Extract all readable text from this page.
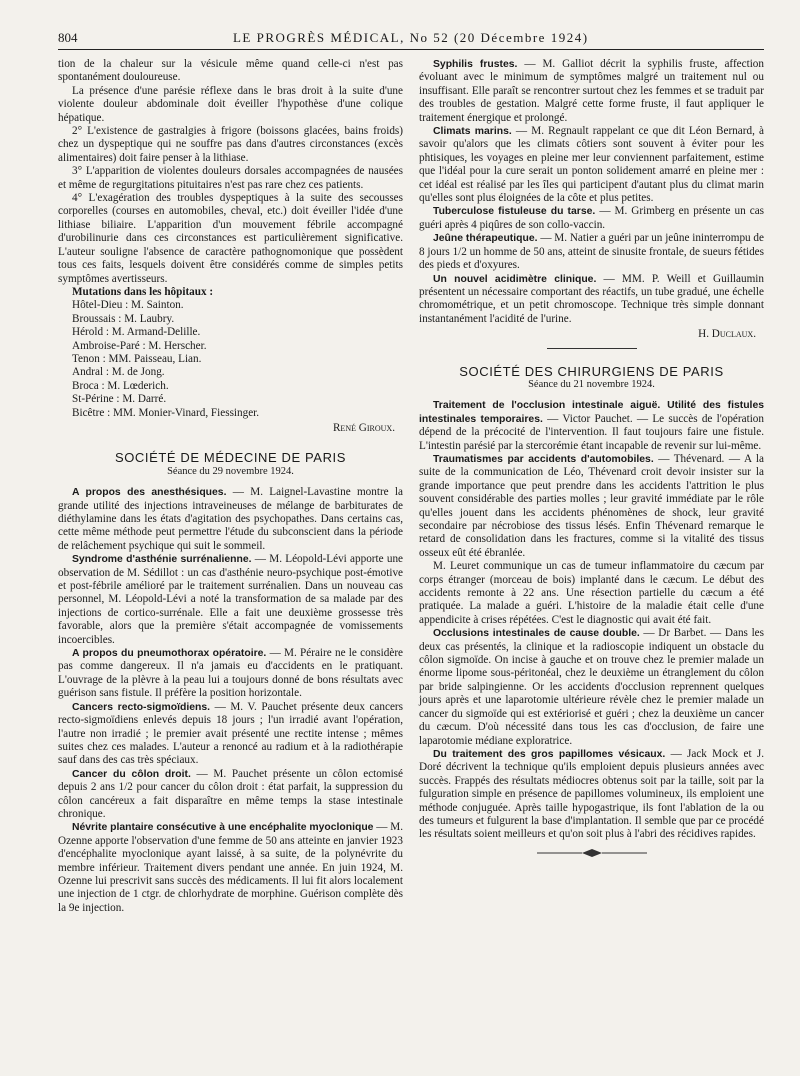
804	LE PROGRÈS MÉDICAL, No 52 (20 Décembre 1924)

tion de la chaleur sur la vésicule même quand celle-ci n'est pas spontanément douloureuse.

La présence d'une parésie réflexe dans le bras droit à la suite d'une violente douleur abdominale doit éveiller l'hypothèse d'une colique hépatique.

2° L'existence de gastralgies à frigore (boissons glacées, bains froids) chez un dyspeptique qui ne souffre pas dans d'autres circonstances (excès alimentaires) doit faire penser à la lithiase.

3° L'apparition de violentes douleurs dorsales accompagnées de nausées et même de regurgitations pituitaires n'est pas rare chez ces patients.

4° L'exagération des troubles dyspeptiques à la suite des secousses corporelles (courses en automobiles, cheval, etc.) doit éveiller l'idée d'une lithiase biliaire. L'apparition d'un mouvement fébrile accompagné d'urobilinurie dans ces circonstances est particulièrement significative. L'auteur souligne l'absence de caractère pathognomonique que possèdent tous ces faits, lesquels doivent être considérés comme de simples petits symptômes avertisseurs.

Mutations dans les hôpitaux :

Hôtel-Dieu : M. Sainton.
Broussais : M. Laubry.
Hérold : M. Armand-Delille.
Ambroise-Paré : M. Herscher.
Tenon : MM. Paisseau, Lian.
Andral : M. de Jong.
Broca : M. Lœderich.
St-Périne : M. Darré.
Bicêtre : MM. Monier-Vinard, Fiessinger.
René Giroux.
SOCIÉTÉ DE MÉDECINE DE PARIS
Séance du 29 novembre 1924.

A propos des anesthésiques. — M. Laignel-Lavastine montre la grande utilité des injections intraveineuses de mélange de barbiturates de diéthylamine dans les états d'agitation des psychopathes. Dans certains cas, cette même méthode peut permettre l'étude du subconscient dans la période de relâchement psychique qui suit le sommeil.

Syndrome d'asthénie surrénalienne. — M. Léopold-Lévi apporte une observation de M. Sédillot : un cas d'asthénie neuro-psychique post-émotive et post-fébrile amélioré par le traitement surrénalien. Dans un nouveau cas personnel, M. Léopold-Lévi a noté la transformation de sa malade par des injections de cortico-surrénale. Elle a fait une deuxième grossesse très favorable, alors que la première s'était accompagnée de vomissements incoercibles.

A propos du pneumothorax opératoire. — M. Péraire ne le considère pas comme dangereux. Il n'a jamais eu d'accidents en le pratiquant. L'ouvrage de la plèvre à la peau lui a toujours donné de bons résultats avec guérison sans fistule. Il préfère la position horizontale.

Cancers recto-sigmoïdiens. — M. V. Pauchet présente deux cancers recto-sigmoïdiens enlevés depuis 18 jours ; l'un irradié avant l'opération, l'autre non irradié ; le premier avait présenté une rectite intense ; mêmes suites chez ces malades. L'auteur a renoncé au radium et à la radiothérapie sauf dans des cas très spéciaux.

Cancer du côlon droit. — M. Pauchet présente un côlon ectomisé depuis 2 ans 1/2 pour cancer du côlon droit : état parfait, la suppression du côlon cancéreux a fait disparaître en même temps la stase intestinale chronique.

Névrite plantaire consécutive à une encéphalite myoclonique — M. Ozenne apporte l'observation d'une femme de 50 ans atteinte en janvier 1923 d'encéphalite myoclonique ayant laissé, à sa suite, de la polynévrite du membre inférieur. Traitement divers pendant une année. En juin 1924, M. Ozenne lui prescrivit sans succès des médicaments. Il lui fit alors localement une injection de 1 ctgr. de chlorhydrate de morphine. Guérison complète dès la 9e injection.

Syphilis frustes. — M. Galliot décrit la syphilis fruste, affection évoluant avec le minimum de symptômes malgré un traitement nul ou insuffisant. Elle paraît se rencontrer surtout chez les femmes et se traduit par des troubles de gestation. Malgré cette forme fruste, il faut appliquer le traitement énergique et prolongé.

Climats marins. — M. Regnault rappelant ce que dit Léon Bernard, à savoir qu'alors que les climats côtiers sont souvent à éviter pour les phtisiques, les voyages en pleine mer leur conviennent parfaitement, estime que l'idéal pour la cure serait un ponton solidement amarré en pleine mer : cet idéal est réalisé par les îles qui participent d'autant plus du climat marin qu'elles sont plus éloignées de la côte et plus petites.

Tuberculose fistuleuse du tarse. — M. Grimberg en présente un cas guéri après 4 piqûres de son collo-vaccin.

Jeûne thérapeutique. — M. Natier a guéri par un jeûne ininterrompu de 8 jours 1/2 un homme de 50 ans, atteint de sinusite frontale, de sueurs fétides des pieds et d'oxyures.

Un nouvel acidimètre clinique. — MM. P. Weill et Guillaumin présentent un nécessaire comportant des réactifs, un tube gradué, une échelle chromométrique, et un petit chromoscope. Technique très simple donnant instantanément l'acidité de l'urine.

H. Duclaux.
SOCIÉTÉ DES CHIRURGIENS DE PARIS
Séance du 21 novembre 1924.

Traitement de l'occlusion intestinale aiguë. Utilité des fistules intestinales temporaires. — Victor Pauchet. — Le succès de l'opération dépend de la précocité de l'intervention. Il faut toujours faire une fistule. L'intestin parésié par la stercorémie étant incapable de revenir sur lui-même.

Traumatismes par accidents d'automobiles. — Thévenard. — A la suite de la communication de Léo, Thévenard croit devoir insister sur la grande importance que peut prendre dans les accidents l'attrition le plus souvent considérable des parties molles ; leur gravité immédiate par le rôle qu'elles jouent dans les accidents phénomènes de shock, leur gravité secondaire par nécrobiose des tissus lésés. Enfin Thévenard remarque le retard de consolidation dans les fractures, comme si la vitalité des tissus osseux eût été ébranlée.

M. Leuret communique un cas de tumeur inflammatoire du cæcum par corps étranger (morceau de bois) implanté dans le cæcum. Le début des accidents remonte à 22 ans. Une résection partielle du cæcum a été pratiquée. La malade a guéri. L'histoire de la maladie était celle d'une appendicite à crises répétées. C'est le diagnostic qui avait été fait.

Occlusions intestinales de cause double. — Dr Barbet. — Dans les deux cas présentés, la clinique et la radioscopie indiquent un obstacle du côlon sigmoïde. On incise à gauche et on trouve chez le premier malade un énorme lipome sous-péritonéal, chez le deuxième un étranglement du côlon par bride salpingienne. Or les accidents d'occlusion reprennent quelques jours après et une laparotomie ultérieure révèle chez le premier malade un cancer du sigmoïde qui est extériorisé et guéri ; chez la deuxième un cancer du cæcum. D'où nécessité dans tous les cas d'occlusion, de faire une laparotomie médiane exploratrice.

Du traitement des gros papillomes vésicaux. — Jack Mock et J. Doré décrivent la technique qu'ils emploient depuis plusieurs années avec succès. Frappés des résultats médiocres obtenus soit par la taille, soit par la fulguration simple en présence de papillomes volumineux, ils emploient une méthode conjuguée. Après taille hypogastrique, ils font l'ablation de la ou des tumeurs et fulgurent la base d'implantation. Il semble que par ce procédé les résultats soient meilleurs et qu'on soit plus à l'abri des récidives rapides.
